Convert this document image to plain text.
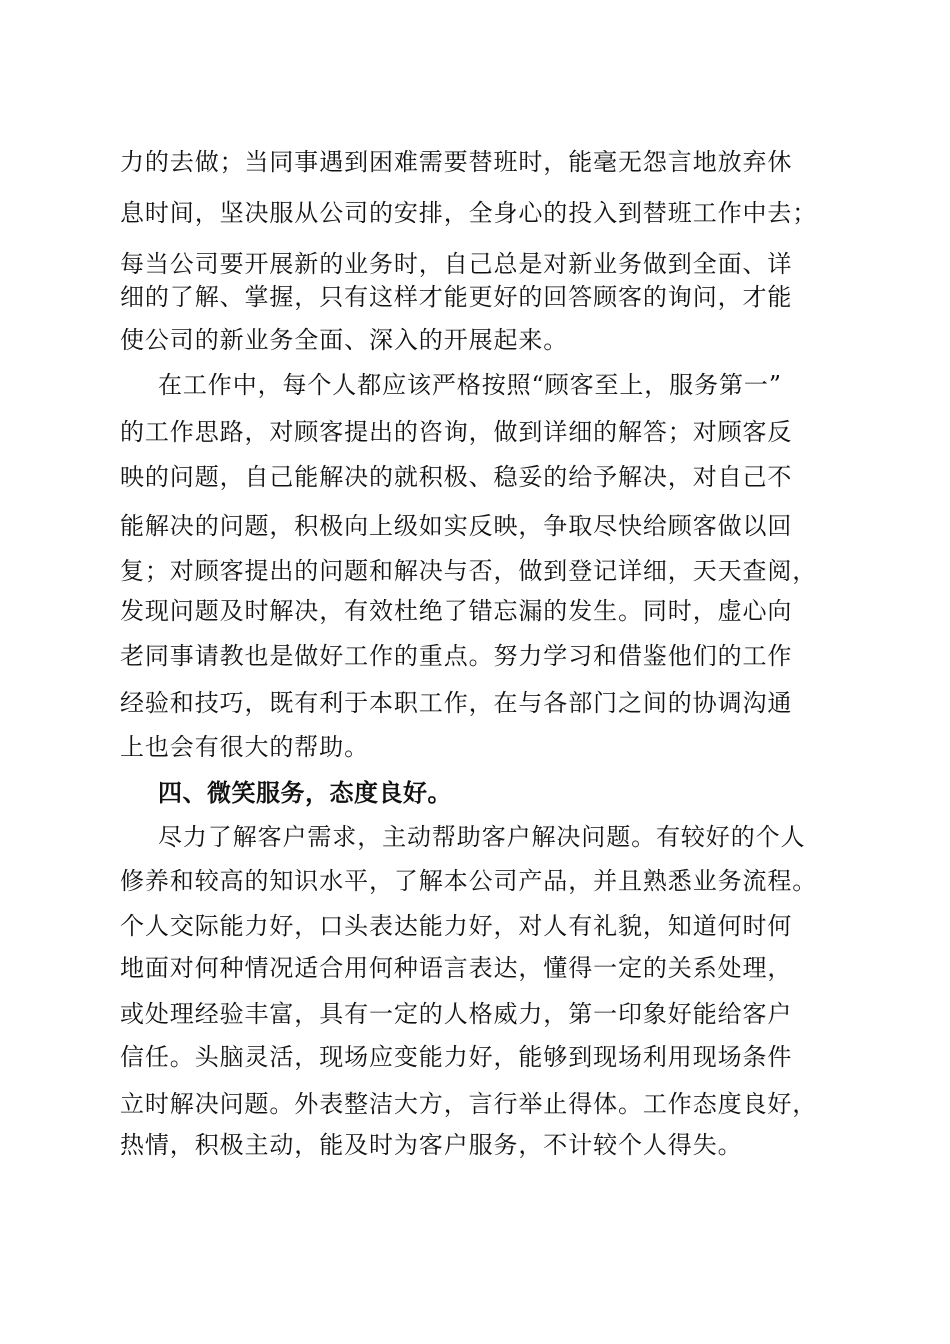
力的去做；当同事遇到困难需要替班时，能毫无怨言地放弃休
息时间，坚决服从公司的安排，全身心的投入到替班工作中去；
每当公司要开展新的业务时，自己总是对新业务做到全面、详
细的了解、掌握，只有这样才能更好的回答顾客的询问，才能
使公司的新业务全面、深入的开展起来。
在工作中，每个人都应该严格按照“顾客至上，服务第一”
的工作思路，对顾客提出的咨询，做到详细的解答；对顾客反
映的问题，自己能解决的就积极、稳妥的给予解决，对自己不
能解决的问题，积极向上级如实反映，争取尽快给顾客做以回
复；对顾客提出的问题和解决与否，做到登记详细，天天查阅，
发现问题及时解决，有效杜绝了错忘漏的发生。同时，虚心向
老同事请教也是做好工作的重点。努力学习和借鉴他们的工作
经验和技巧，既有利于本职工作，在与各部门之间的协调沟通
上也会有很大的帮助。
四、微笑服务，态度良好。
尽力了解客户需求，主动帮助客户解决问题。有较好的个人
修养和较高的知识水平，了解本公司产品，并且熟悉业务流程。
个人交际能力好，口头表达能力好，对人有礼貌，知道何时何
地面对何种情况适合用何种语言表达，懂得一定的关系处理，
或处理经验丰富，具有一定的人格威力，第一印象好能给客户
信任。头脑灵活，现场应变能力好，能够到现场利用现场条件
立时解决问题。外表整洁大方，言行举止得体。工作态度良好，
热情，积极主动，能及时为客户服务，不计较个人得失。
